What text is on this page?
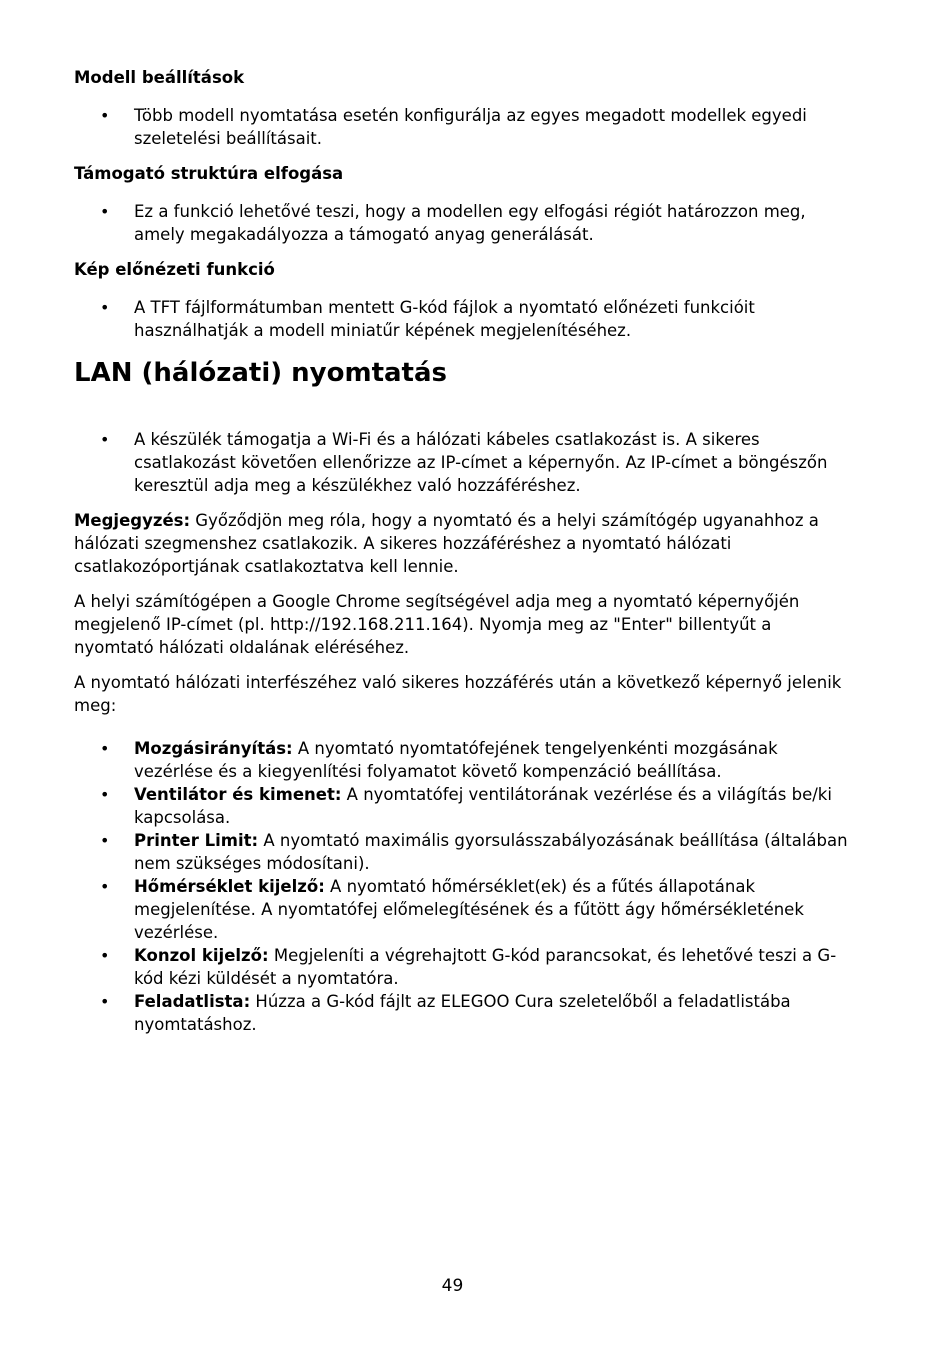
Modell beállítások
• Több modell nyomtatása esetén konfigurálja az egyes megadott modellek egyedi szeletelési beállításait.
Támogató struktúra elfogása
• Ez a funkció lehetővé teszi, hogy a modellen egy elfogási régiót határozzon meg, amely megakadályozza a támogató anyag generálását.
Kép előnézeti funkció
• A TFT fájlformátumban mentett G-kód fájlok a nyomtató előnézeti funkcióit használhatják a modell miniatűr képének megjelenítéséhez.
LAN (hálózati) nyomtatás
• A készülék támogatja a Wi-Fi és a hálózati kábeles csatlakozást is. A sikeres csatlakozást követően ellenőrizze az IP-címet a képernyőn. Az IP-címet a böngészőn keresztül adja meg a készülékhez való hozzáféréshez.

Megjegyzés: Győződjön meg róla, hogy a nyomtató és a helyi számítógép ugyanahhoz a hálózati szegmenshez csatlakozik. A sikeres hozzáféréshez a nyomtató hálózati csatlakozóportjának csatlakoztatva kell lennie.

A helyi számítógépen a Google Chrome segítségével adja meg a nyomtató képernyőjén megjelenő IP-címet (pl. http://192.168.211.164). Nyomja meg az "Enter" billentyűt a nyomtató hálózati oldalának eléréséhez.

A nyomtató hálózati interfészéhez való sikeres hozzáférés után a következő képernyő jelenik meg:

• Mozgásirányítás: A nyomtató nyomtatófejének tengelyenkénti mozgásának vezérlése és a kiegyenlítési folyamatot követő kompenzáció beállítása.
• Ventilátor és kimenet: A nyomtatófej ventilátorának vezérlése és a világítás be/ki kapcsolása.
• Printer Limit: A nyomtató maximális gyorsulásszabályozásának beállítása (általában nem szükséges módosítani).
• Hőmérséklet kijelző: A nyomtató hőmérséklet(ek) és a fűtés állapotának megjelenítése. A nyomtatófej előmelegítésének és a fűtött ágy hőmérsékletének vezérlése.
• Konzol kijelző: Megjeleníti a végrehajtott G-kód parancsokat, és lehetővé teszi a G-kód kézi küldését a nyomtatóra.
• Feladatlista: Húzza a G-kód fájlt az ELEGOO Cura szeletelőből a feladatlistába nyomtatáshoz.
49
